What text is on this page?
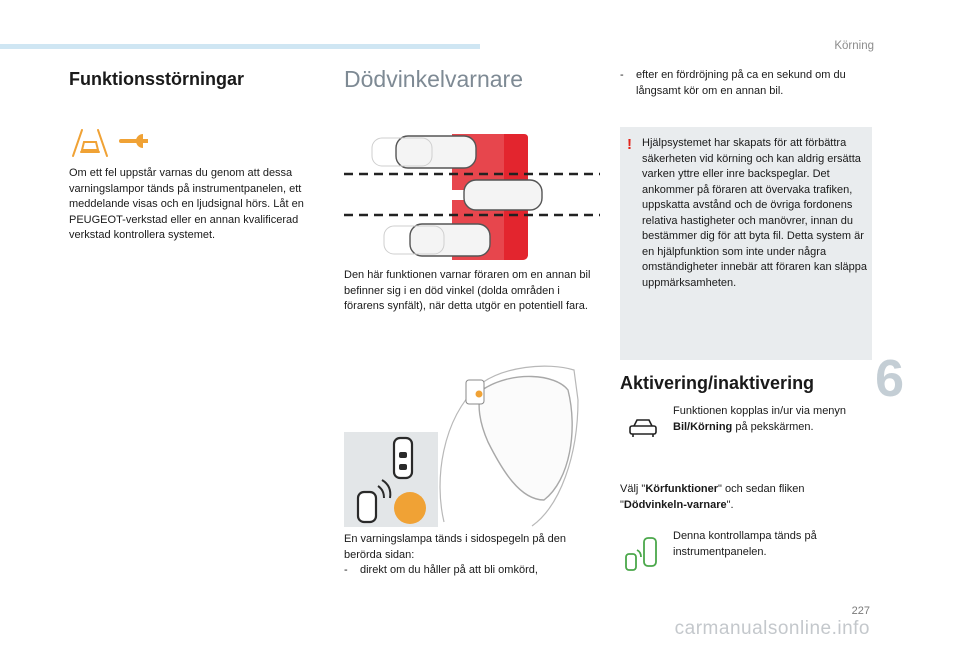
Körning
6
Funktionsstörningar

Om ett fel uppstår varnas du genom att dessa varningslampor tänds på instrumentpanelen, ett meddelande visas och en ljudsignal hörs. Låt en PEUGEOT-verkstad eller en annan kvalificerad verkstad kontrollera systemet.

Dödvinkelvarnare

Den här funktionen varnar föraren om en annan bil befinner sig i en död vinkel (dolda områden i förarens synfält), när detta utgör en potentiell fara.

En varningslampa tänds i sidospegeln på den berörda sidan:

-	direkt om du håller på att bli omkörd,
-	efter en fördröjning på ca en sekund om du långsamt kör om en annan bil.
! Hjälpsystemet har skapats för att förbättra säkerheten vid körning och kan aldrig ersätta varken yttre eller inre backspeglar. Det ankommer på föraren att övervaka trafiken, uppskatta avstånd och de övriga fordonens relativa hastigheter och manövrer, innan du bestämmer dig för att byta fil. Detta system är en hjälpfunktion som inte under några omständigheter innebär att föraren kan släppa uppmärksamheten.

Aktivering/inaktivering

Funktionen kopplas in/ur via menyn Bil/Körning på pekskärmen.

Välj "Körfunktioner" och sedan fliken "Dödvinkeln-varnare".

Denna kontrollampa tänds på instrumentpanelen.

227
carmanualsonline.info
